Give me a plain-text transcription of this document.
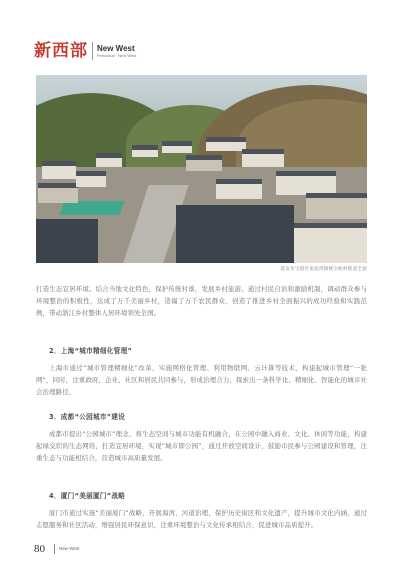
新西部 New West
Periodical · New West
延安市宝塔区南泥湾镇桃宝峪村街道全貌

打造生态宜居环境。结合当地文化特色，保护传统村落，发展乡村旅游。通过村民自治和激励机制，调动群众参与环境整治的积极性，达成了万千美丽乡村，造福了万千农民群众，创造了推进乡村全面振兴的成功经验和实践范例，带动浙江乡村整体人居环境领先全国。

2．上海“城市精细化管理”

上海市通过“城市管理精细化”改革，实施网格化管理、利用物联网、云计算等技术，构建起城市管理“一张网”，同时，注重政府、企业、社区和居民共同参与，形成治理合力，探索出一条科学化、精细化、智能化的城市社会治理路径。

3．成都“公园城市”建设

成都市提出“公园城市”理念，将生态空间与城市功能有机融合，在公园中融入商业、文化、休闲等功能，构建起绿交织的生态网络，打造宜居环境，实现“城市即公园”，通过开放空间设计、鼓励市民参与公园建设和管理，注重生态与功能相结合，营造城市高质量发展。

4．厦门“美丽厦门”战略

厦门市通过实施“美丽厦门”战略，开展海湾、河道治理，保护历史街区和文化遗产，提升城市文化内涵，通过志愿服务和社区活动，增强居民环保意识，注重环境整治与文化传承相结合，促进城市品质提升。

80	New West
